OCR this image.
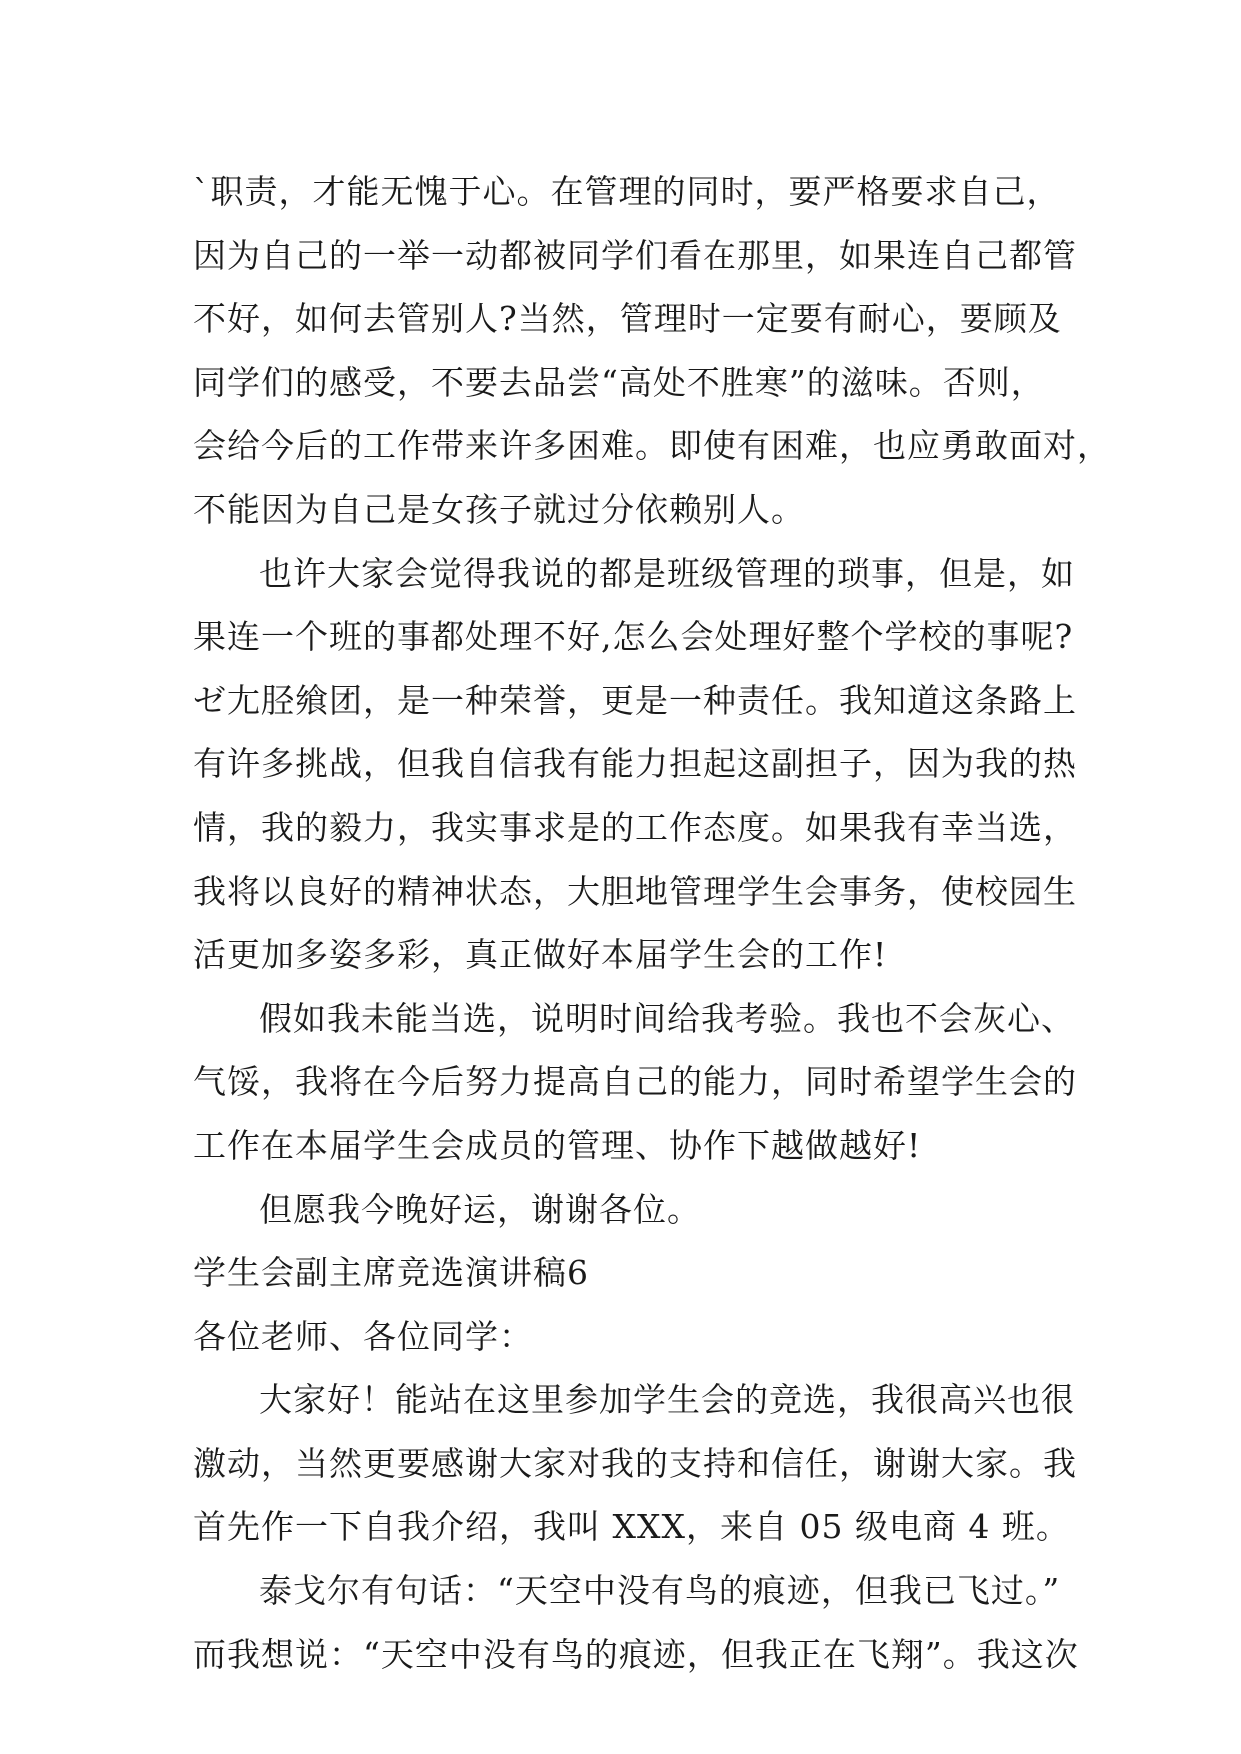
`职责，才能无愧于心。在管理的同时，要严格要求自己，
因为自己的一举一动都被同学们看在那里，如果连自己都管
不好，如何去管别人?当然，管理时一定要有耐心，要顾及
同学们的感受，不要去品尝“高处不胜寒”的滋味。否则，
会给今后的工作带来许多困难。即使有困难，也应勇敢面对，
不能因为自己是女孩子就过分依赖别人。
也许大家会觉得我说的都是班级管理的琐事，但是，如
果连一个班的事都处理不好,怎么会处理好整个学校的事呢?
ゼ尢胫飨团，是一种荣誉，更是一种责任。我知道这条路上
有许多挑战，但我自信我有能力担起这副担子，因为我的热
情，我的毅力，我实事求是的工作态度。如果我有幸当选，
我将以良好的精神状态，大胆地管理学生会事务，使校园生
活更加多姿多彩，真正做好本届学生会的工作!
假如我未能当选，说明时间给我考验。我也不会灰心、
气馁，我将在今后努力提高自己的能力，同时希望学生会的
工作在本届学生会成员的管理、协作下越做越好!
但愿我今晚好运，谢谢各位。
学生会副主席竞选演讲稿6
各位老师、各位同学：
大家好！能站在这里参加学生会的竞选，我很高兴也很
激动，当然更要感谢大家对我的支持和信任，谢谢大家。我
首先作一下自我介绍，我叫 XXX，来自 05 级电商 4 班。
泰戈尔有句话：“天空中没有鸟的痕迹，但我已飞过。”
而我想说：“天空中没有鸟的痕迹，但我正在飞翔”。我这次
